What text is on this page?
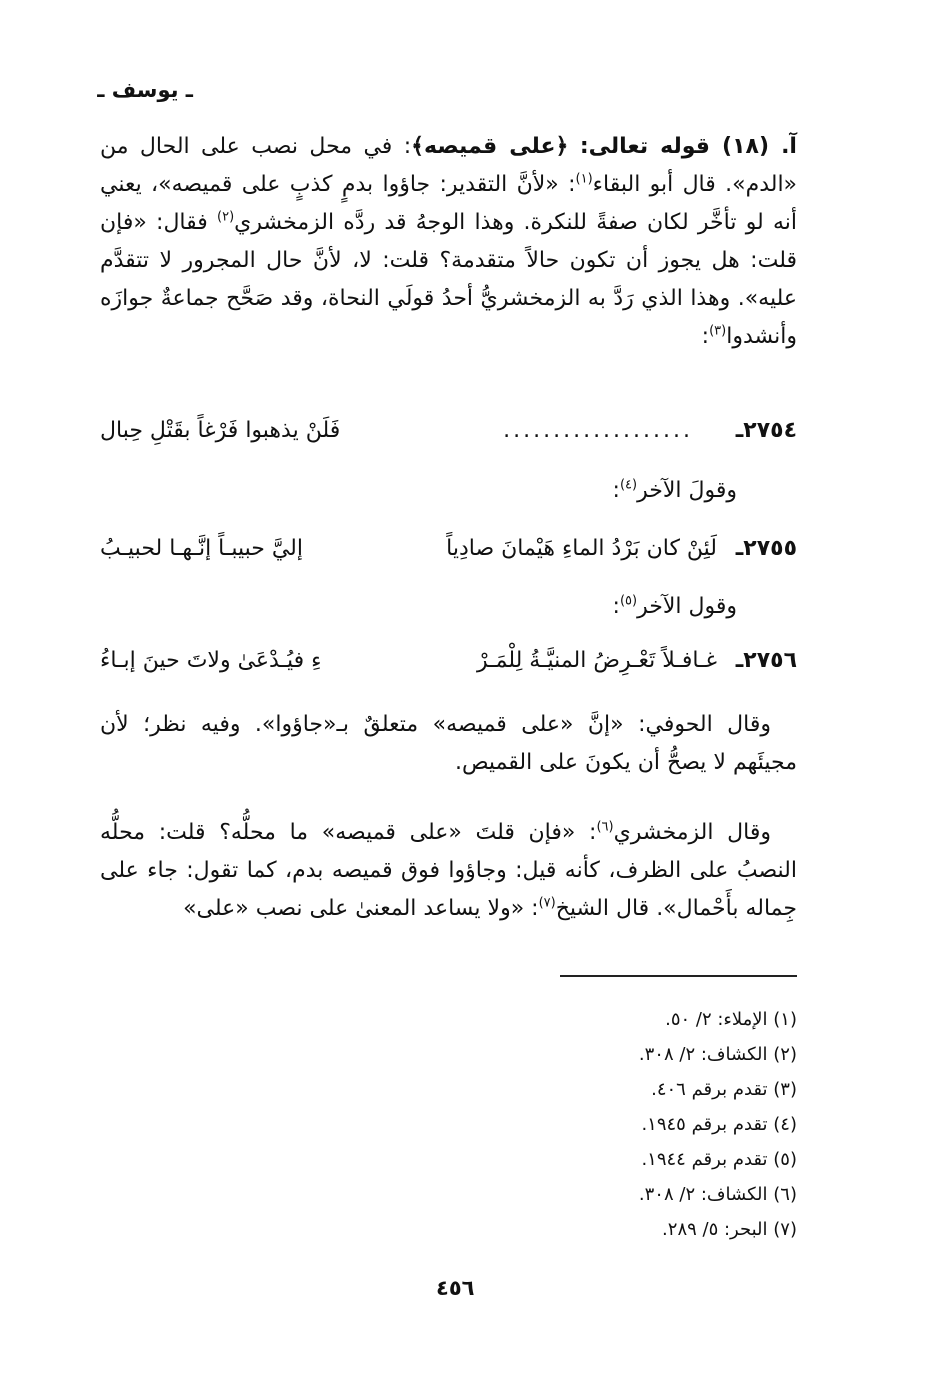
ـ يوسف ـ
آ. (١٨) قوله تعالى: ﴿على قميصه﴾: في محل نصب على الحال من «الدم». قال أبو البقاء$^{(١)}$: «لأنَّ التقدير: جاؤوا بدمٍ كذبٍ على قميصه»، يعني أنه لو تأخَّر لكان صفةً للنكرة. وهذا الوجهُ قد ردَّه الزمخشري$^{(٢)}$ فقال: «فإن قلت: هل يجوز أن تكون حالاً متقدمة؟ قلت: لا، لأنَّ حال المجرور لا تتقدَّم عليه». وهذا الذي رَدَّ به الزمخشريُّ أحدُ قولَي النحاة، وقد صَحَّح جماعةٌ جوازَه وأنشدوا$^{(٣)}$:
٢٧٥٤ـ
...................
فَلَنْ يذهبوا فَرْغاً بقَتْلِ حِبال
وقولَ الآخر$^{(٤)}$:
٢٧٥٥ـ
لَئِنْ كان بَرْدُ الماءِ هَيْمانَ صادِياً
إليَّ حبيبـاً إنَّـهـا لحبيـبُ
وقول الآخر$^{(٥)}$:
٢٧٥٦ـ
غـافـلاً تَعْـرِضُ المنيَّـةُ لِلْمَـرْ
ءِ فيُـدْعَىٰ ولاتَ حينَ إبـاءُ
وقال الحوفي: «إنَّ «على قميصه» متعلقٌ بـ«جاؤوا». وفيه نظر؛ لأن مجيئَهم لا يصحُّ أن يكونَ على القميص.
وقال الزمخشري$^{(٦)}$: «فإن قلتَ «على قميصه» ما محلُّه؟ قلت: محلُّه النصبُ على الظرف، كأنه قيل: وجاؤوا فوق قميصه بدم، كما تقول: جاء على جِماله بأَحْمال». قال الشيخ$^{(٧)}$: «ولا يساعد المعنىٰ على نصب «على»
(١) الإملاء: ٢/ ٥٠.
(٢) الكشاف: ٢/ ٣٠٨.
(٣) تقدم برقم ٤٠٦.
(٤) تقدم برقم ١٩٤٥.
(٥) تقدم برقم ١٩٤٤.
(٦) الكشاف: ٢/ ٣٠٨.
(٧) البحر: ٥/ ٢٨٩.
٤٥٦
